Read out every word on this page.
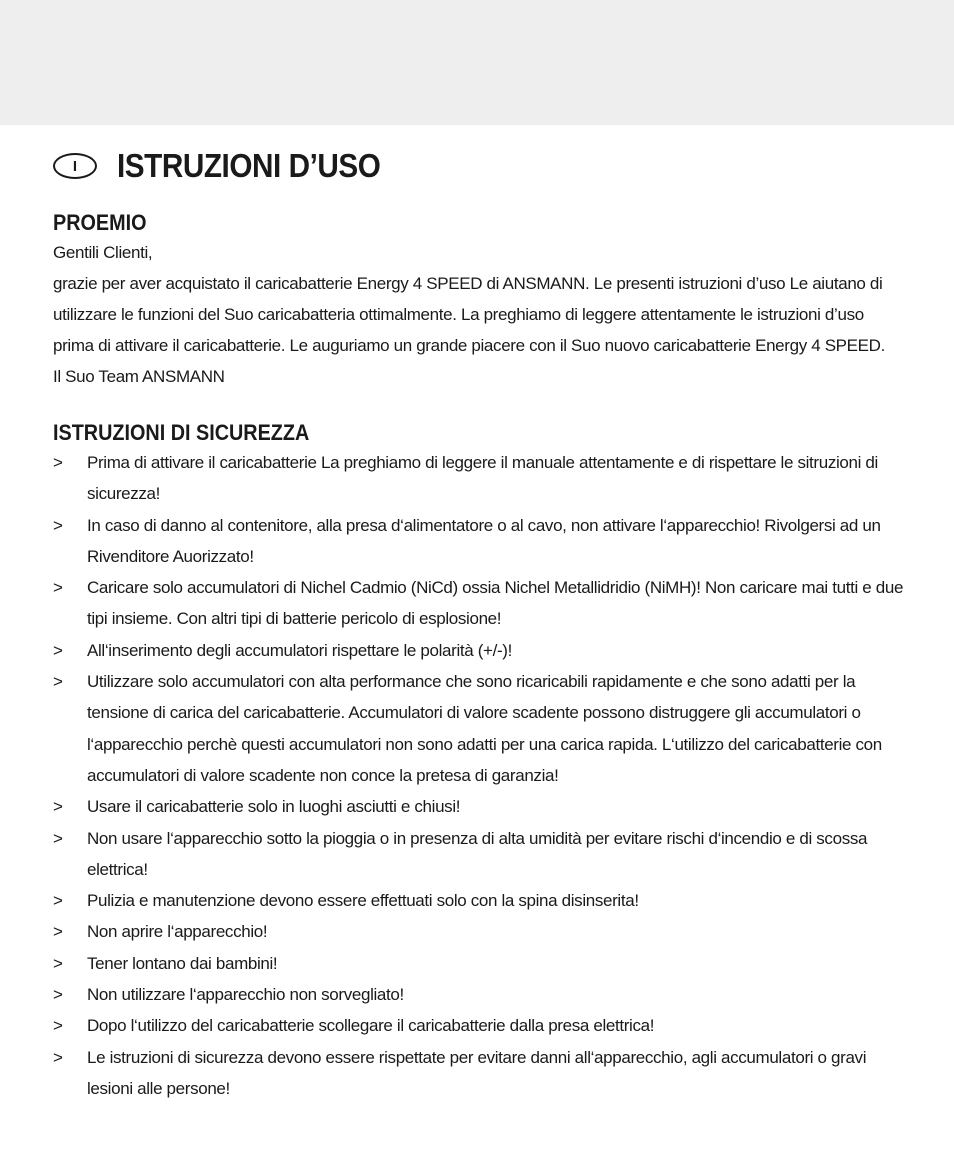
I ISTRUZIONI D’USO
PROEMIO

Gentili Clienti,

grazie per aver acquistato il caricabatterie Energy 4 SPEED di ANSMANN. Le presenti istruzioni d’uso Le aiutano di utilizzare le funzioni del Suo caricabatteria ottimalmente. La preghiamo di leggere attentamente le istruzioni d’uso prima di attivare il caricabatterie. Le auguriamo un grande piacere con il Suo nuovo caricabatterie Energy 4 SPEED.

Il Suo Team ANSMANN

ISTRUZIONI DI SICUREZZA
> Prima di attivare il caricabatterie La preghiamo di leggere il manuale attentamente e di rispettare le sitruzioni di sicurezza!
> In caso di danno al contenitore, alla presa d‘alimentatore o al cavo, non attivare l‘apparecchio! Rivolgersi ad un Rivenditore Auorizzato!
> Caricare solo accumulatori di Nichel Cadmio (NiCd) ossia Nichel Metallidridio (NiMH)! Non caricare mai tutti e due tipi insieme. Con altri tipi di batterie pericolo di esplosione!
> All‘inserimento degli accumulatori rispettare le polarità (+/-)!
> Utilizzare solo accumulatori con alta performance che sono ricaricabili rapidamente e che sono adatti per la tensione di carica del caricabatterie. Accumulatori di valore scadente possono distruggere gli accumulatori o l‘apparecchio perchè questi accumulatori non sono adatti per una carica rapida. L‘utilizzo del caricabatterie con accumulatori di valore scadente non conce la pretesa di garanzia!
> Usare il caricabatterie solo in luoghi asciutti e chiusi!
> Non usare l‘apparecchio sotto la pioggia o in presenza di alta umidità per evitare rischi d‘incendio e di scossa elettrica!
> Pulizia e manutenzione devono essere effettuati solo con la spina disinserita!
> Non aprire l‘apparecchio!
> Tener lontano dai bambini!
> Non utilizzare l‘apparecchio non sorvegliato!
> Dopo l‘utilizzo del caricabatterie scollegare il caricabatterie dalla presa elettrica!
> Le istruzioni di sicurezza devono essere rispettate per evitare danni all‘apparecchio, agli accumulatori o gravi lesioni alle persone!
